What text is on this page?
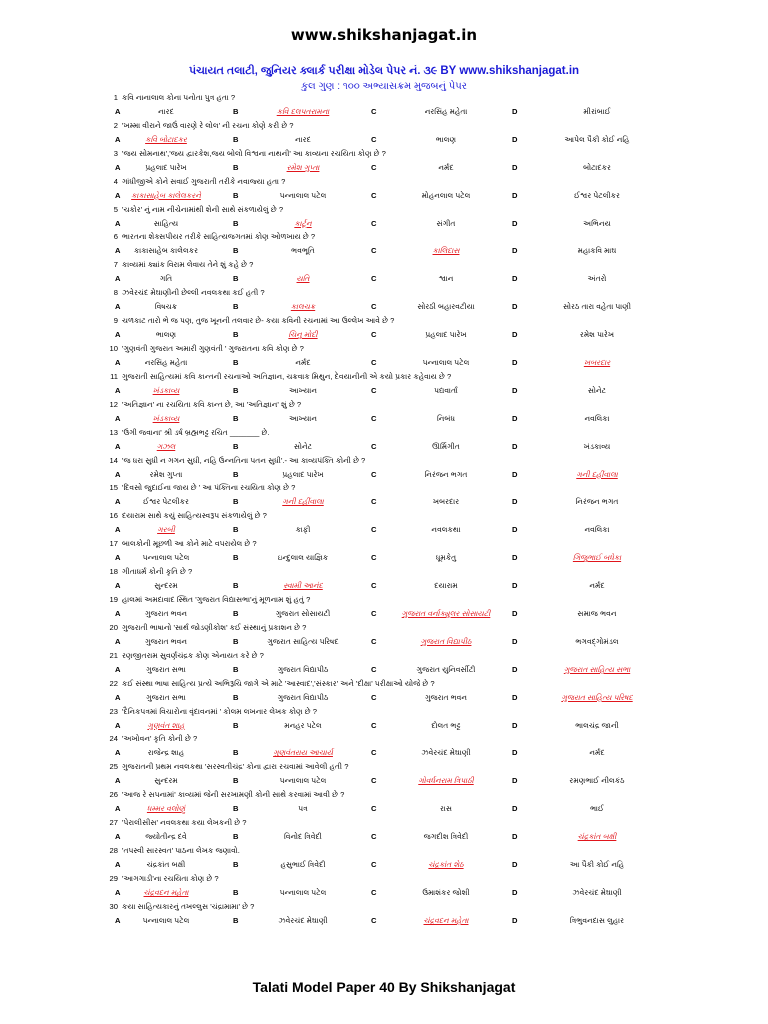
www.shikshanjagat.in
પંચાયત તલાટી, જુનિયર ક્લાર્ક પરીક્ષા મોડેલ પેપર નં. ૩૯ BY www.shikshanjagat.in
કુલ ગુણ : ૧૦૦ અભ્યાસક્રમ મુજબનું પેપર
1 કવિ નાનાલાલ કોના પનોતા પુત્ર હતા ?
A	નારદ	B	કવિ દલપતરામના	C	નરસિંહ મહેતા	D	મીરાંબાઈ
2 'ખમ્મા વીરાને જાઉં વારણે રે લોલ' ની રચના કોણે કરી છે ?
A	કવિ બોટાદકર	B	નારદ	C	ભાલણ	D	આપેલ પૈકી કોઈ નહિ
3 'જય સોમનાથ','જય દ્વારકેશ,જય બોલો વિશ્વના નાથની' આ કાવ્યના રચયિતા કોણ છે ?
A	પ્રહલાદ પારેખ	B	રમેશ ગુપ્તા	C	નર્મદ	D	બોટાદકર
4 ગાંધીજીએ કોને સવાઈ ગુજરાતી તરીકે નવાજ્યા હતા ?
A	કાકાસાહેબ કાલેલકરને	B	પન્નાલાલ પટેલ	C	મોહનલાલ પટેલ	D	ઈશ્વર પેટલીકર
5 'ચકોર' નું નામ નીચેનામાંથી શેની સાથે સંકળાયેલું છે ?
A	સાહિત્ય	B	કાર્ટૂન	C	સંગીત	D	અભિનય
6 ભારતના શેક્સપીયર તરીકે સાહિત્યજગતમાં કોણ ઓળખાય છે ?
A	કાકાસાહેબ કાલેલકર	B	ભવભૂતિ	C	કાલિદાસ	D	મહાકવિ માઘ
7 કાવ્યમાં ક્યાંક વિરામ લેવાય તેને શું કહે છે ?
A	ગતિ	B	યતિ	C	શ્વાન	D	અંતરો
8 ઝવેરચંદ મેઘાણીની છેલ્લી નવલકથા કઈ હતી ?
A	વિષચક્ર	B	કાલચક્ર	C	સોરઠી બહારવટીયા	D	સોરઠ તારા વહેતા પાણી
9 ચળકાટ તારો ભે જ પણ, તુજ ખૂનની તલવાર છે- કયા કવિની રચનામાં આ ઉલ્લેખ આવે છે ?
A	ભાલણ	B	ચિનુ મોદી	C	પ્રહલાદ પારેખ	D	રમેશ પારેખ
10 'ગુણવંતી ગુજરાત અમારી ગુણવંતી ' ગુજરાતના કવિ કોણ છે ?
A	નરસિંહ મહેતા	B	નર્મદ	C	પન્નાલાલ પટેલ	D	ખબરદાર
11 ગુજરાતી સાહિત્યમાં કવિ કાન્તની રચનાઓ અતિજ્ઞાન, ચક્રવાક મિથુન, દેવયાનીની એ કયો પ્રકાર કહેવાય છે ?
A	ખંડકાવ્ય	B	આખ્યાન	C	પદ્યવાર્તા	D	સોનેટ
12 'અતિજ્ઞાન' ના રચયિતા કવિ કાન્ત છે, આ 'અતિજ્ઞાન' શું છે ?
A	ખંડકાવ્ય	B	આખ્યાન	C	નિબંધ	D	નવલિકા
13 'ઉગી જવાના' શ્રી ડર્ષ બ્રહ્મભટ્ટ રચિત _______ છે.
A	ગઝલ	B	સોનેટ	C	ઊર્મિગીત	D	ખંડકાવ્ય
14 'જ ધરા સુધી ન ગગન સુધી, નહિ ઉન્નતિના પતન સુધી'.- આ કાવ્યપંક્તિ કોની છે ?
A	રમેશ ગુપ્તા	B	પ્રહલાદ પારેખ	C	નિરંજન ભગત	D	ગની દહીંવાલા
15 'દિવસો જુદાઈના જાય છે ' આ પંક્તિના રચયિતા કોણ છે ?
A	ઈશ્વર પેટલીકર	B	ગની દહીંવાલા	C	ખબરદાર	D	નિરંજન ભગત
16 દયારામ સાથે કયું સાહિત્યસ્વરૂપ સંકળાયેલું છે ?
A	ગરબી	B	કાફી	C	નવલકથા	D	નવલિકા
17 બાલકોની મૂછળી આ કોને માટે વપરાયેલ છે ?
A	પન્નાલાલ પટેલ	B	ઇન્દુલાલ યાજ્ઞિક	C	ધૂમકેતુ	D	ગિજુભાઈ બધેકા
18 ગીતાધર્મ કોની કૃતિ છે ?
A	સુન્દરમ	B	સ્વામી આનંદ	C	દયારામ	D	નર્મદ
19 હાલમાં અમદાવાદ સ્થિત 'ગુજરાત વિદ્યાસભા'નું મૂળનામ શું હતું ?
A	ગુજરાત ભવન	B	ગુજરાત સોસાયટી	C	ગુજરાત વર્નાક્યુલર સોસાયટી	D	સમાજ ભવન
20 ગુજરાતી ભાષાનો 'સાર્થ જોડણીકોશ' કઈ સંસ્થાનું પ્રકાશન છે ?
A	ગુજરાત ભવન	B	ગુજરાત સાહિત્ય પરિષદ	C	ગુજરાત વિદ્યાપીઠ	D	ભગવદ્ગોમંડલ
21 રણજીતરામ સુવર્ણચંદ્રક કોણ એનાયત કરે છે ?
A	ગુજરાત સભા	B	ગુજરાત વિદ્યાપીઠ	C	ગુજરાત યુનિવર્સીટી	D	ગુજરાત સાહિત્ય સભા
22 કઈ સંસ્થા ભાષા સાહિત્ય પ્રત્યે અભિરૂચિ જાગે એ માટે 'આસ્વાદ','સંસ્કાર' અને 'દીક્ષા' પરીક્ષાઓ યોજે છે ?
A	ગુજરાત સભા	B	ગુજરાત વિદ્યાપીઠ	C	ગુજરાત ભવન	D	ગુજરાત સાહિત્ય પરિષદ
23 'દૈનિકપત્રમાં વિચારોના વૃંદાવનમાં ' કોલમ લખનાર લેખક કોણ છે ?
A	ગુણવંત શાહ	B	મનહર પટેલ	C	દોલત ભટ્ટ	D	ભાલચંદ્ર જાની
24 'અખોવન' કૃતિ કોની છે ?
A	રાજેન્દ્ર શાહ	B	ગુણવંતરાય આચાર્ય	C	ઝવેરચંદ મેઘાણી	D	નર્મદ
25 ગુજરાતની પ્રથમ નવલકથા 'સરસ્વતીચંદ્ર' કોના દ્વારા રચવામાં આવેલી હતી ?
A	સુન્દરમ	B	પન્નાલાલ પટેલ	C	ગોવર્ધનરામ ત્રિપાઠી	D	રમણભાઈ નીલકંઠ
26 'આજ રે સપનામાં' કાવ્યમાં જેની સરખામણી કોની સાથે કરવામાં આવી છે ?
A	ધમ્મર વલોણું	B	પત્ર	C	રાસ	D	ભાઈ
27 'પેરાલીસીસ' નવલકથા કયા લેખકની છે ?
A	જ્યોતીન્દ્ર દવે	B	વિનોદ ત્રિવેદી	C	જગદીશ ત્રિવેદી	D	ચંદ્રકાંત બક્ષી
28 'તપસ્વી સારસ્વત' પાઠના લેખક જણાવો.
A	ચંદ્રકાંત બક્ષી	B	હસુભાઈ ત્રિવેદી	C	ચંદ્રકાંત શેઠ	D	આ પૈકી કોઈ નહિ
29 'આગગાડી'ના રચયિતા કોણ છે ?
A	ચંદ્રવદન મહેતા	B	પન્નાલાલ પટેલ	C	ઉમાશંકર જોશી	D	ઝવેરચંદ મેઘાણી
30 કયા સાહિત્યકારનું તખલ્લુસ 'ચંદ્રામામા' છે ?
A	પન્નાલાલ પટેલ	B	ઝવેરચંદ મેઘાણી	C	ચંદ્રવદન મહેતા	D	ત્રિભુવનદાસ લુહાર
Talati Model Paper 40 By Shikshanjagat
